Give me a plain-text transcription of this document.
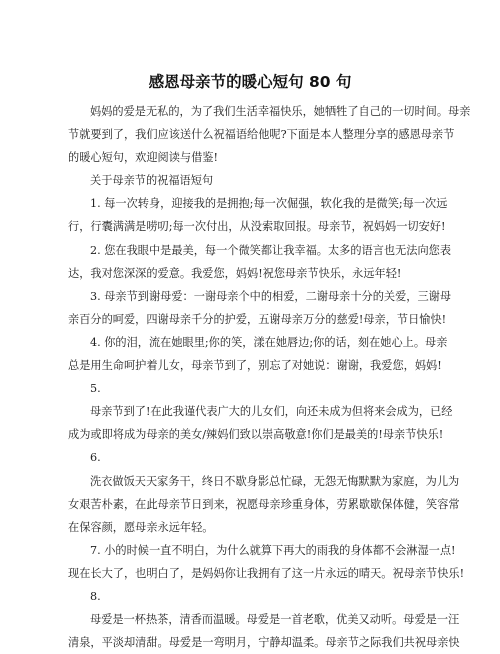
感恩母亲节的暖心短句 80 句
妈妈的爱是无私的，为了我们生活幸福快乐，她牺牲了自己的一切时间。母亲
节就要到了，我们应该送什么祝福语给他呢?下面是本人整理分享的感恩母亲节
的暖心短句，欢迎阅读与借鉴!
关于母亲节的祝福语短句
1. 每一次转身，迎接我的是拥抱;每一次倔强，软化我的是微笑;每一次远
行，行囊满满是唠叨;每一次付出，从没索取回报。母亲节，祝妈妈一切安好!
2. 您在我眼中是最美，每一个微笑都让我幸福。太多的语言也无法向您表
达，我对您深深的爱意。我爱您，妈妈!祝您母亲节快乐，永远年轻!
3. 母亲节到谢母爱：一谢母亲个中的相爱，二谢母亲十分的关爱，三谢母
亲百分的呵爱，四谢母亲千分的护爱，五谢母亲万分的慈爱!母亲，节日愉快!
4. 你的泪，流在她眼里;你的笑，漾在她唇边;你的话，刻在她心上。母亲
总是用生命呵护着儿女，母亲节到了，别忘了对她说：谢谢，我爱您，妈妈!
5.
母亲节到了!在此我谨代表广大的儿女们，向还未成为但将来会成为，已经
成为或即将成为母亲的美女/辣妈们致以崇高敬意!你们是最美的!母亲节快乐!
6.
洗衣做饭天天家务干，终日不歇身影总忙碌，无怨无悔默默为家庭，为儿为
女艰苦朴素，在此母亲节日到来，祝愿母亲珍重身体，劳累歇歇保体健，笑容常
在保容颜，愿母亲永远年轻。
7. 小的时候一直不明白，为什么就算下再大的雨我的身体都不会淋湿一点!
现在长大了，也明白了，是妈妈你让我拥有了这一片永远的晴天。祝母亲节快乐!
8.
母爱是一杯热茶，清香而温暖。母爱是一首老歌，优美又动听。母爱是一汪
清泉，平淡却清甜。母爱是一弯明月，宁静却温柔。母亲节之际我们共祝母亲快
